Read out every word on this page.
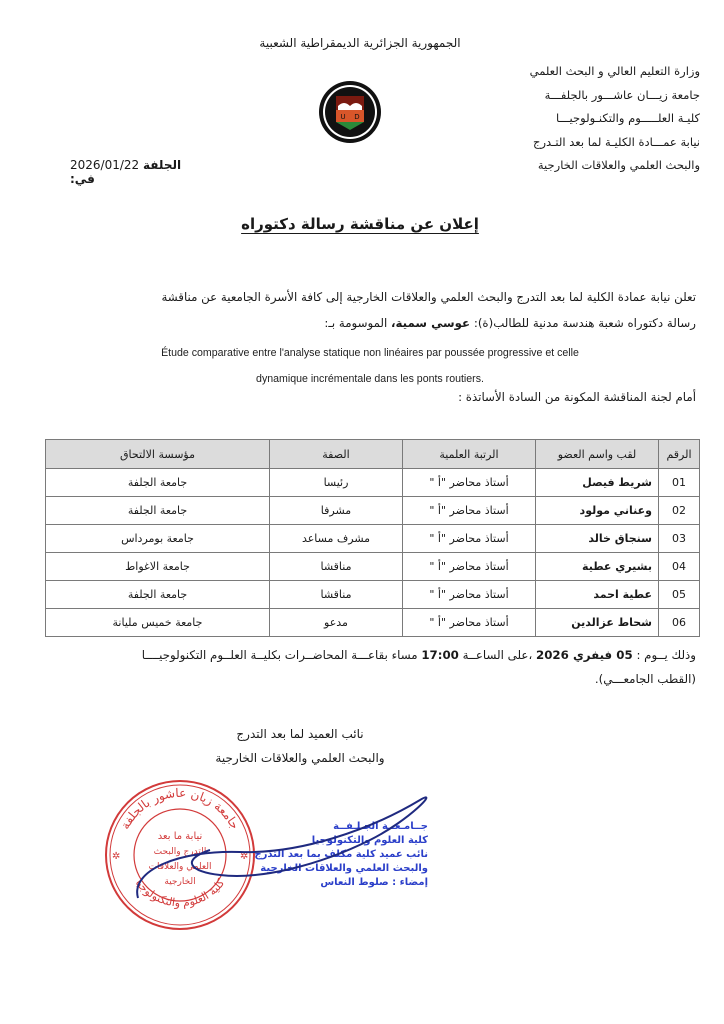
الجمهورية الجزائرية الديمقراطية الشعبية
وزارة التعليم العالي و البحث العلمي
جامعة زيـــان عاشـــور بالجلفـــة
كليـة العلـــــوم والتكنـولوجيـــا
نيابة عمـــادة الكليـة لما بعد التـدرج
والبحث العلمي والعلاقات الخارجية
U D
2026/01/22 الجلفة في:
إعلان عن مناقشة رسالة دكتوراه
تعلن نيابة عمادة الكلية لما بعد التدرج والبحث العلمي والعلاقات الخارجية إلى كافة الأسرة الجامعية عن مناقشة
رسالة دكتوراه شعبة هندسة مدنية للطالب(ة): عوسي سمية، الموسومة بـ:
Étude comparative entre l'analyse statique non linéaires par poussée progressive et celle
dynamique incrémentale dans les ponts routiers.
أمام لجنة المناقشة المكونة من السادة الأساتذة :
الرقم	لقب واسم العضو	الرتبة العلمية	الصفة	مؤسسة الالتحاق
01	شريط فيصل	أستاذ محاضر "أ "	رئيسا	جامعة الجلفة
02	وعناني مولود	أستاذ محاضر "أ "	مشرفا	جامعة الجلفة
03	سنجاق خالد	أستاذ محاضر "أ "	مشرف مساعد	جامعة بومرداس
04	بشيري عطية	أستاذ محاضر "أ "	مناقشا	جامعة الاغواط
05	عطية احمد	أستاذ محاضر "أ "	مناقشا	جامعة الجلفة
06	شحاط عزالدين	أستاذ محاضر "أ "	مدعو	جامعة خميس مليانة
وذلك يــوم : 05 فيفري 2026 ،على الساعــة 17:00 مساء بقاعـــة المحاضــرات بكليــة العلــوم التكنولوجيــــا
(القطب الجامعـــي).
نائب العميد لما بعد التدرج
والبحث العلمي والعلاقات الخارجية
جامعة زيان عاشور بالجلفة
كلية العلوم والتكنولوجيا
نيابة ما بعد
التدرج والبحث
العلمي والعلاقات
الخارجية
✲	✲
جــامـعــة الجـلـفــة
كلية العلوم والتكنولوجيا
نائب عميد كلية مكلف بما بعد التدرج
والبحث العلمي والعلاقات الخارجية
إمضاء : صلوط النعاس
